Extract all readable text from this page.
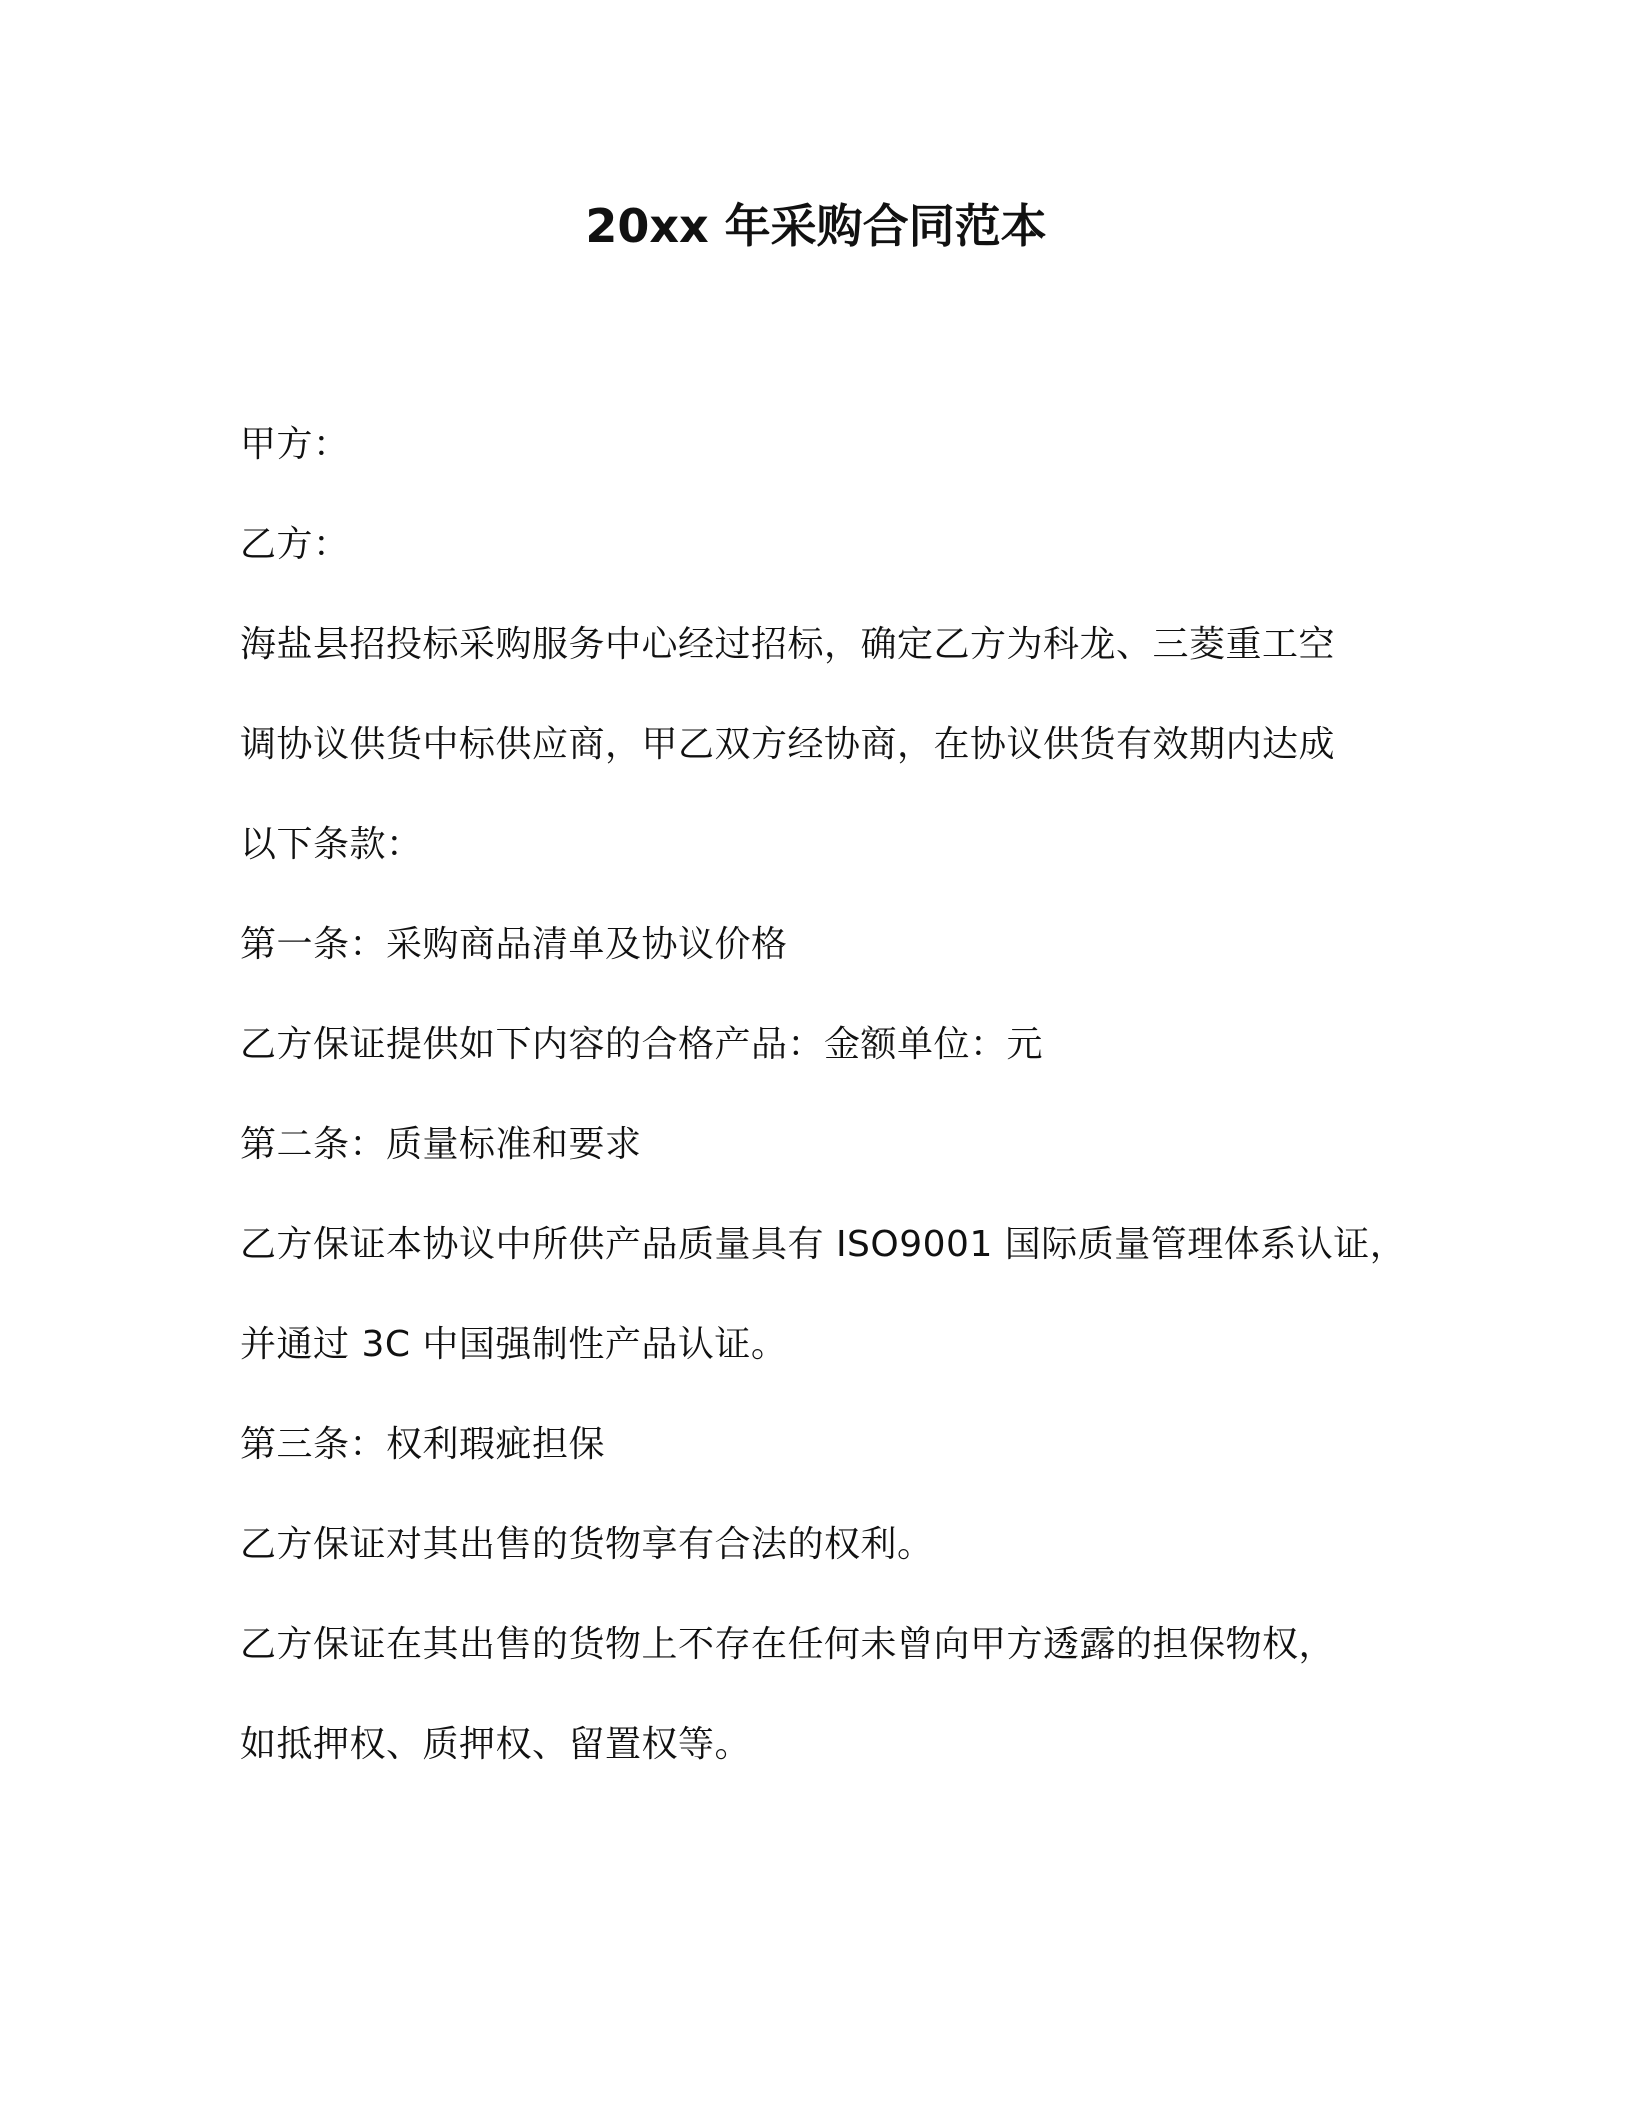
20xx 年采购合同范本
甲方：
乙方：
海盐县招投标采购服务中心经过招标，确定乙方为科龙、三菱重工空
调协议供货中标供应商，甲乙双方经协商，在协议供货有效期内达成
以下条款：
第一条：采购商品清单及协议价格
乙方保证提供如下内容的合格产品：金额单位：元
第二条：质量标准和要求
乙方保证本协议中所供产品质量具有 ISO9001 国际质量管理体系认证，
并通过 3C 中国强制性产品认证。
第三条：权利瑕疵担保
乙方保证对其出售的货物享有合法的权利。
乙方保证在其出售的货物上不存在任何未曾向甲方透露的担保物权，
如抵押权、质押权、留置权等。
